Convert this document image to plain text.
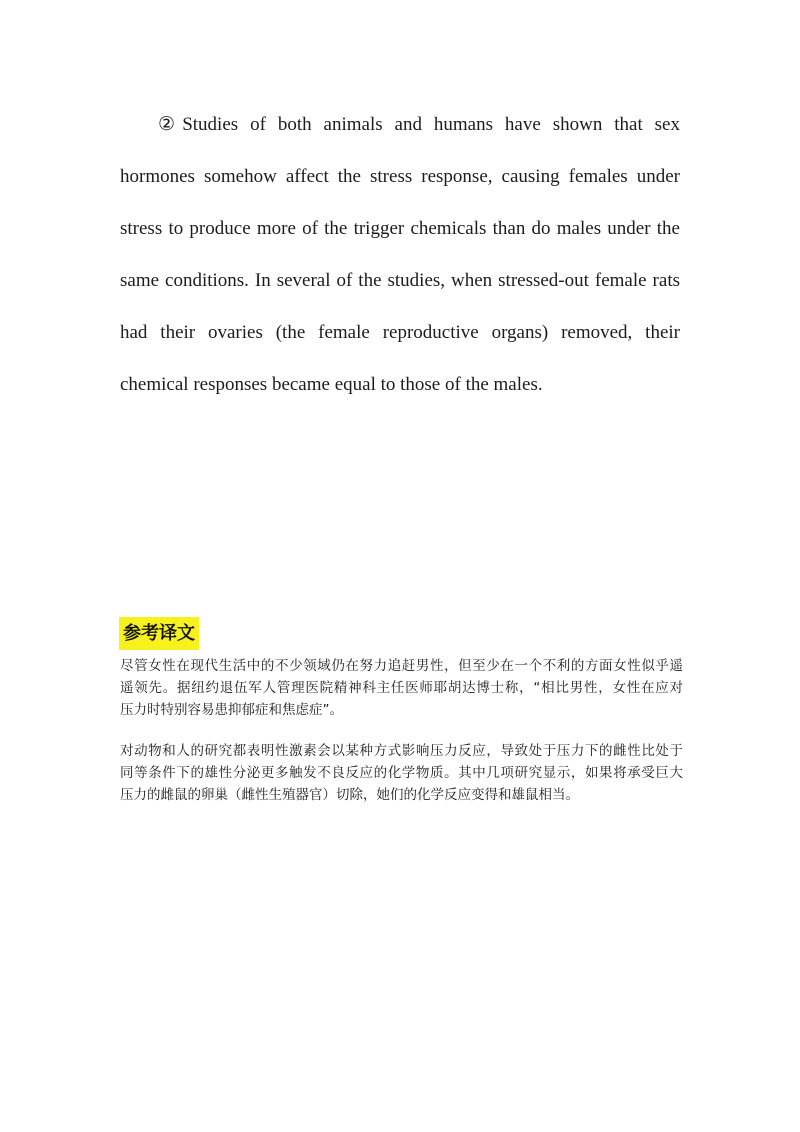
②Studies of both animals and humans have shown that sex
hormones somehow affect the stress response, causing females under
stress to produce more of the trigger chemicals than do males under the
same conditions. In several of the studies, when stressed-out female rats
had their ovaries (the female reproductive organs) removed, their
chemical responses became equal to those of the males.
参考译文
尽管女性在现代生活中的不少领域仍在努力追赶男性，但至少在一个不利的方面女性似乎遥
遥领先。据纽约退伍军人管理医院精神科主任医师耶胡达博士称，“相比男性，女性在应对
压力时特别容易患抑郁症和焦虑症”。
对动物和人的研究都表明性激素会以某种方式影响压力反应，导致处于压力下的雌性比处于
同等条件下的雄性分泌更多触发不良反应的化学物质。其中几项研究显示，如果将承受巨大
压力的雌鼠的卵巢（雌性生殖器官）切除，她们的化学反应变得和雄鼠相当。
